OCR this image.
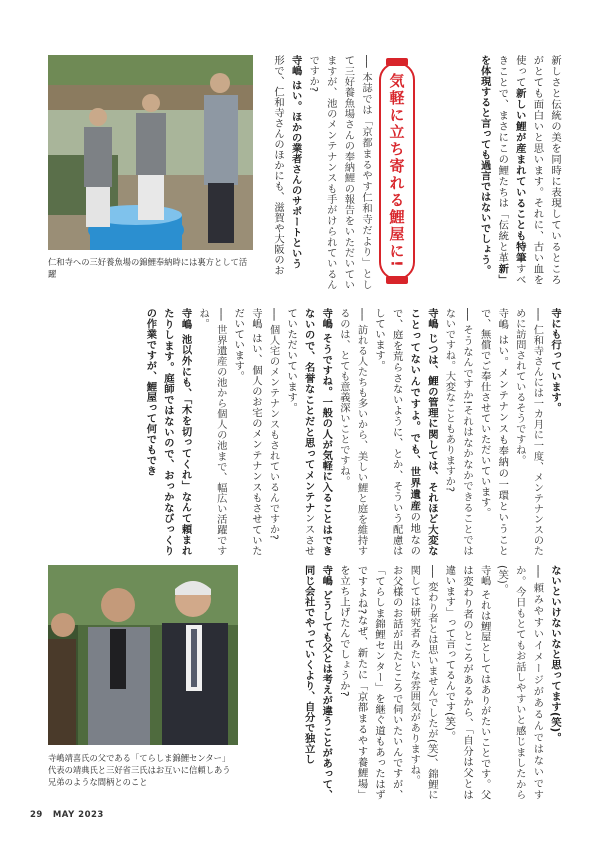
仁和寺への三好養魚場の錦鯉奉納時には裏方として活躍	新しさと伝統の美を同時に表現しているところがとても面白いと思います。それに、古い血を使って新しい鯉が産まれていることも特筆すべきことで、まさにこの鯉たちは「伝統と革新」を体現すると言っても過言ではないでしょう。

気軽に立ち寄れる鯉屋に!

── 本誌では「京都まるやす仁和寺だより」として三好養魚場さんの奉納鯉の報告をいただいていますが、池のメンテナンスも手がけられているんですか?

寺嶋 はい。ほかの業者さんのサポートという

形で、仁和寺さんのほかにも、滋賀や大阪のお

寺にも行っています。

── 仁和寺さんには一カ月に一度、メンテナンスのために訪問されているそうですね。

寺嶋 はい。メンテナンスも奉納の一環ということで、無償でご奉仕させていただいています。

── そうなんですか!それはなかなかできることではないですね。大変なこともありますか?

寺嶋 じつは、鯉の管理に関しては、それほど大変なことってないんですよ。でも、世界遺産の地なので、庭を荒らさないように、とか、そういう配慮はしています。

── 訪れる人たちも多いから、美しい鯉と庭を維持するのは、とても意義深いことですね。

寺嶋 そうですね。一般の人が気軽に入ることはできないので、名誉なことだと思ってメンテナンスさせていただいています。

── 個人宅のメンテナンスもされているんですか?

寺嶋 はい、個人のお宅のメンテナンスもさせていただいています。

── 世界遺産の池から個人の池まで、幅広い活躍ですね。

寺嶋 池以外にも、「木を切ってくれ」なんて頼まれたりします。庭師ではないので、おっかなびっくりの作業ですが、鯉屋って何でもでき

寺嶋靖喜氏の父である「てらしま錦鯉センター」代表の靖典氏と三好省三氏はお互いに信頼しあう兄弟のような間柄とのこと

ないといけないなと思ってます(笑)。

── 頼みやすいイメージがあるんではないですか。今日もとてもお話しやすいと感じましたから(笑)。

寺嶋 それは鯉屋としてはありがたいことです。父は変わり者のところがあるから、「自分は父とは違います」って言ってるんです(笑)。

── 変わり者とは思いませんでしたが(笑)、錦鯉に関しては研究者みたいな雰囲気がありますね。

お父様のお話が出たところで伺いたいんですが、「てらしま錦鯉センター」を継ぐ道もあったはずですよね?なぜ、新たに「京都まるやす養鯉場」を立ち上げたんでしょうか?

寺嶋 どうしても父とは考えが違うことがあって、同じ会社でやっていくより、自分で独立し

29 MAY 2023
